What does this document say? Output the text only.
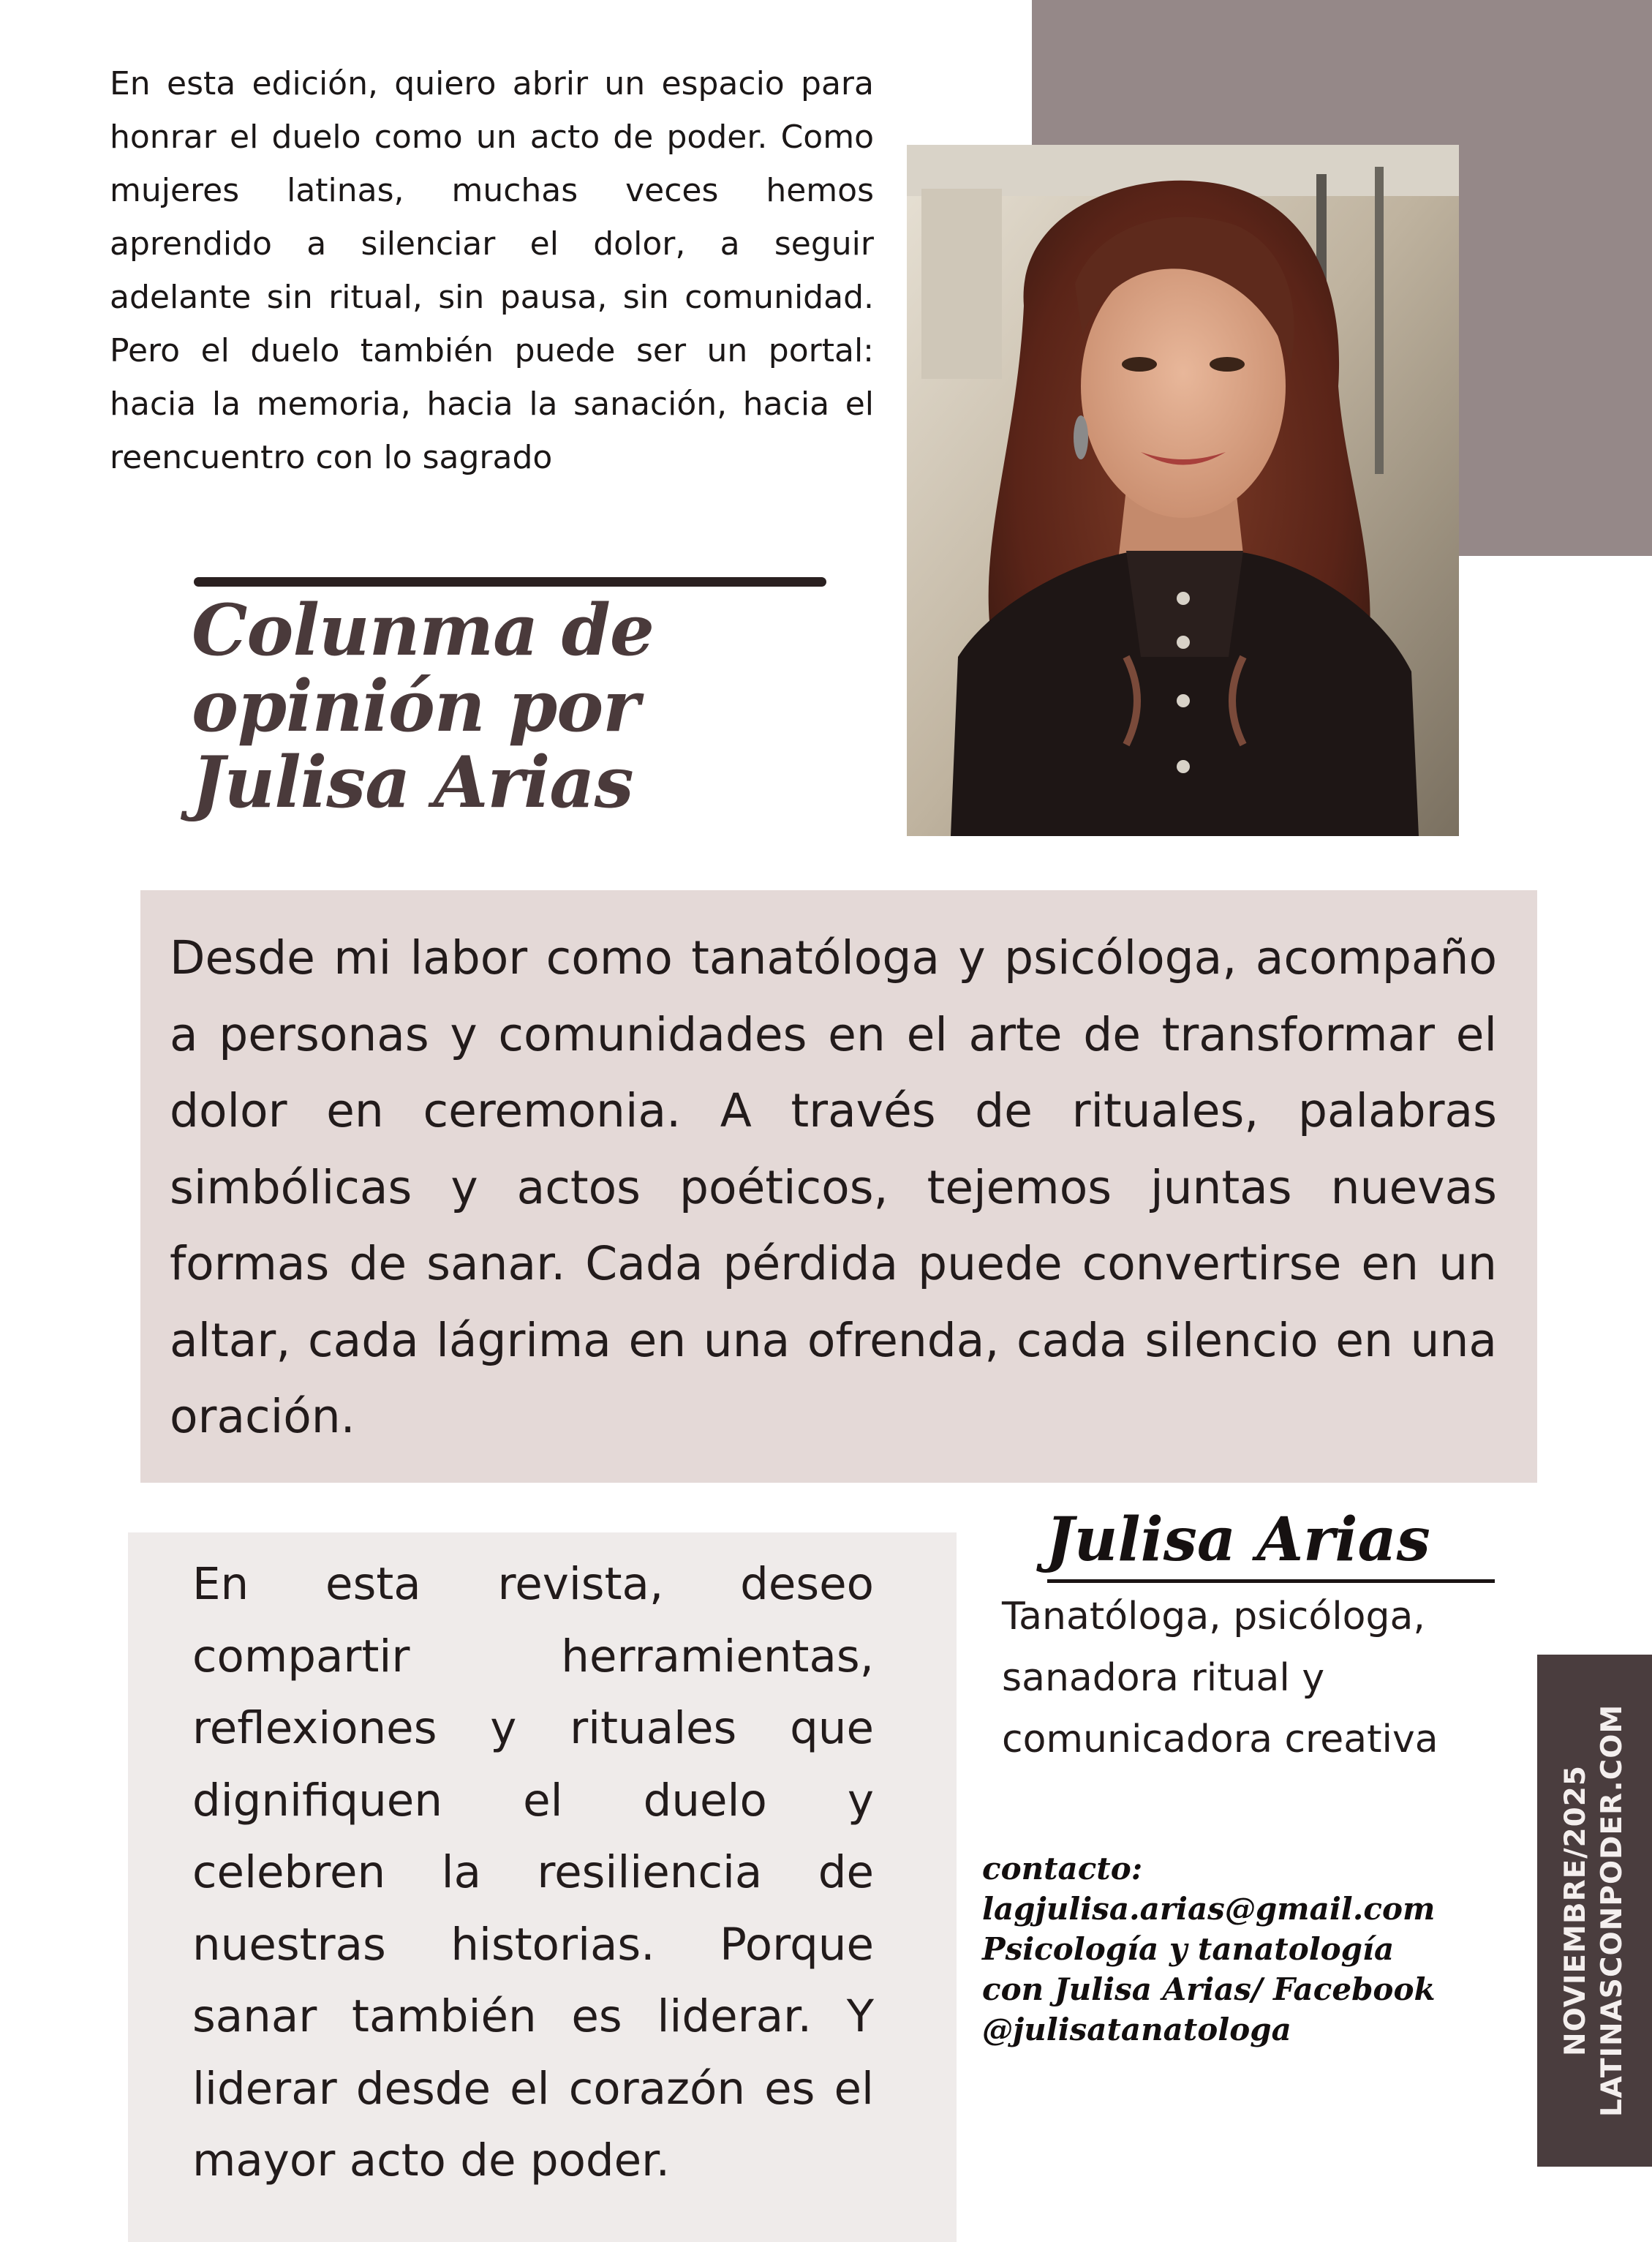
En esta edición, quiero abrir un espacio para honrar el duelo como un acto de poder. Como mujeres latinas, muchas veces hemos aprendido a silenciar el dolor, a seguir adelante sin ritual, sin pausa, sin comunidad. Pero el duelo también puede ser un portal: hacia la memoria, hacia la sanación, hacia el reencuentro con lo sagrado
Colunma de
opinión por
Julisa Arias
Desde mi labor como tanatóloga y psicóloga, acompaño a personas y comunidades en el arte de transformar el dolor en ceremonia. A través de rituales, palabras simbólicas y actos poéticos, tejemos juntas nuevas formas de sanar. Cada pérdida puede convertirse en un altar, cada lágrima en una ofrenda, cada silencio en una oración.
En esta revista, deseo compartir herramientas, reflexiones y rituales que dignifiquen el duelo y celebren la resiliencia de nuestras historias. Porque sanar también es liderar. Y liderar desde el corazón es el mayor acto de poder.
Julisa Arias
Tanatóloga, psicóloga,
sanadora ritual y
comunicadora creativa
contacto:
lagjulisa.arias@gmail.com
Psicología y tanatología
con Julisa Arias/ Facebook
@julisatanatologa	NOVIEMBRE/2025 LATINASCONPODER.COM
